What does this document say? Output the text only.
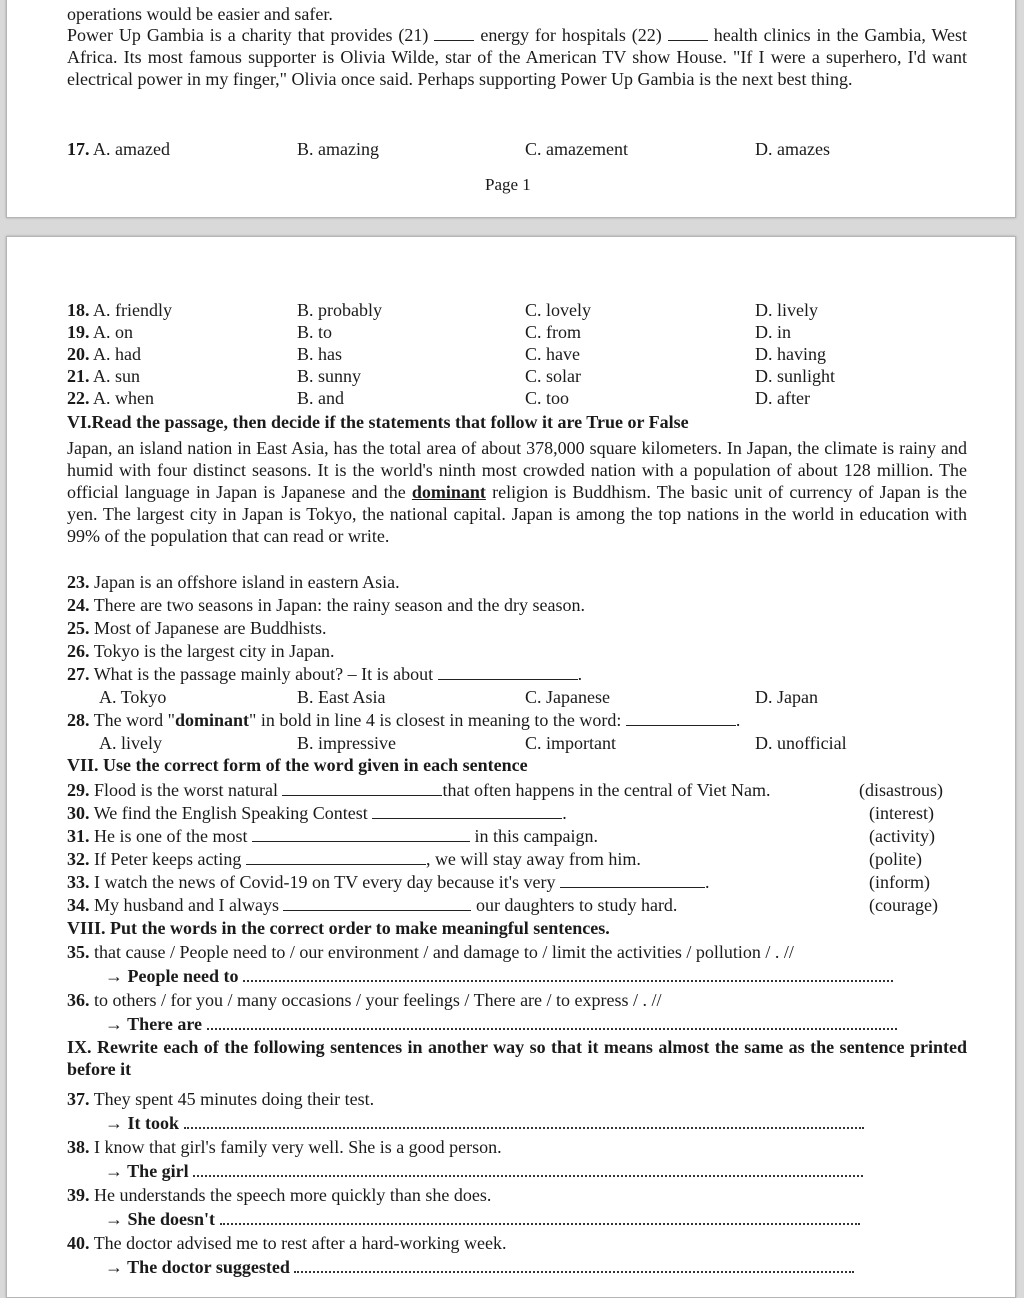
operations would be easier and safer.
Power Up Gambia is a charity that provides (21)	energy for hospitals (22)	health clinics in the Gambia, West Africa. Its most famous supporter is Olivia Wilde, star of the American TV show House. "If I were a superhero, I'd want electrical power in my finger," Olivia once said. Perhaps supporting Power Up Gambia is the next best thing.
17. A. amazed	B. amazing	C. amazement	D. amazes
Page 1
18. A. friendly	B. probably	C. lovely	D. lively
19. A. on	B. to	C. from	D. in
20. A. had	B. has	C. have	D. having
21. A. sun	B. sunny	C. solar	D. sunlight
22. A. when	B. and	C. too	D. after
VI.Read the passage, then decide if the statements that follow it are True or False
Japan, an island nation in East Asia, has the total area of about 378,000 square kilometers. In Japan, the climate is rainy and humid with four distinct seasons. It is the world's ninth most crowded nation with a population of about 128 million. The official language in Japan is Japanese and the dominant religion is Buddhism. The basic unit of currency of Japan is the yen. The largest city in Japan is Tokyo, the national capital. Japan is among the top nations in the world in education with 99% of the population that can read or write.
23. Japan is an offshore island in eastern Asia.
24. There are two seasons in Japan: the rainy season and the dry season.
25. Most of Japanese are Buddhists.
26. Tokyo is the largest city in Japan.
27. What is the passage mainly about? – It is about	.
A. Tokyo	B. East Asia	C. Japanese	D. Japan
28. The word "dominant" in bold in line 4 is closest in meaning to the word:	.
A. lively	B. impressive	C. important	D. unofficial
VII. Use the correct form of the word given in each sentence
29. Flood is the worst natural	that often happens in the central of Viet Nam.	(disastrous)
30. We find the English Speaking Contest	.	(interest)
31. He is one of the most	in this campaign.	(activity)
32. If Peter keeps acting	, we will stay away from him.	(polite)
33. I watch the news of Covid-19 on TV every day because it's very	.	(inform)
34. My husband and I always	our daughters to study hard.	(courage)
VIII. Put the words in the correct order to make meaningful sentences.
35. that cause / People need to / our environment / and damage to / limit the activities / pollution / . //
→ People need to
36. to others / for you / many occasions / your feelings / There are / to express / . //
→ There are
IX. Rewrite each of the following sentences in another way so that it means almost the same as the sentence printed before it
37. They spent 45 minutes doing their test.
→ It took
38. I know that girl's family very well. She is a good person.
→ The girl
39. He understands the speech more quickly than she does.
→ She doesn't
40. The doctor advised me to rest after a hard-working week.
→ The doctor suggested
